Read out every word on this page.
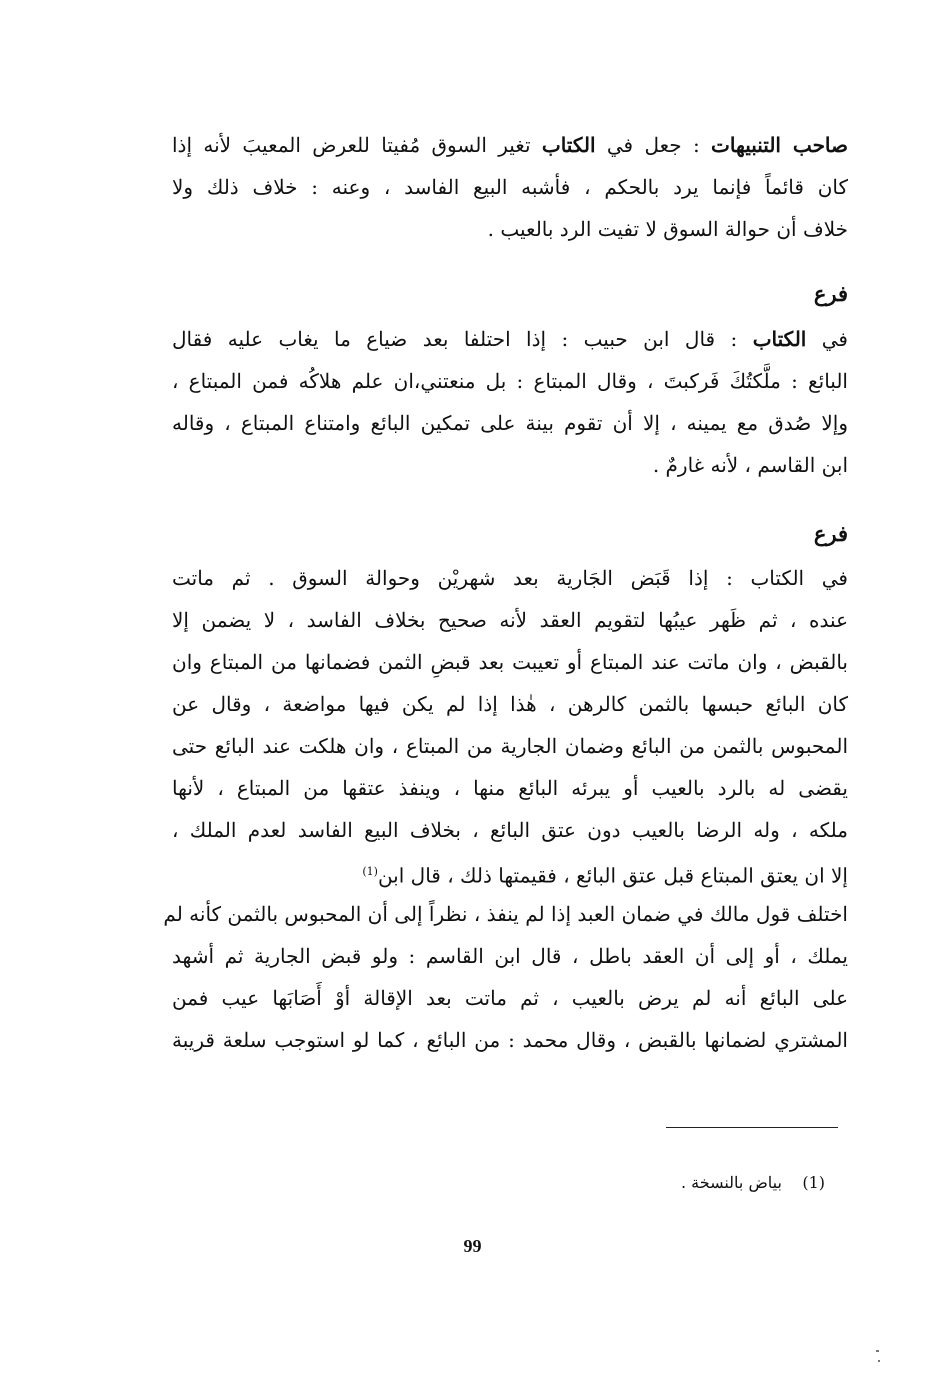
صاحب التنبيهات : جعل في الكتاب تغير السوق مُفيتا للعرض المعيبَ لأنه إذا
كان قائماً فإنما يرد بالحكم ، فأشبه البيع الفاسد ، وعنه : خلاف ذلك ولا
خلاف أن حوالة السوق لا تفيت الرد بالعيب .
فرع
في الكتاب : قال ابن حبيب : إذا احتلفا بعد ضياع ما يغاب عليه فقال
البائع : ملَّكتُكَ فَركبتَ ، وقال المبتاع : بل منعتني،ان علم هلاكُه فمن المبتاع ،
وإلا صُدق مع يمينه ، إلا أن تقوم بينة على تمكين البائع وامتناع المبتاع ، وقاله
ابن القاسم ، لأنه غارمٌ .
فرع
في الكتاب : إذا قَبَض الجَارية بعد شهريْن وحوالة السوق . ثم ماتت
عنده ، ثم ظَهر عيبُها لتقويم العقد لأنه صحيح بخلاف الفاسد ، لا يضمن إلا
بالقبض ، وان ماتت عند المبتاع أو تعيبت بعد قبضِ الثمن فضمانها من المبتاع وان
كان البائع حبسها بالثمن كالرهن ، هٰذا إذا لم يكن فيها مواضعة ، وقال عن
المحبوس بالثمن من البائع وضمان الجارية من المبتاع ، وان هلكت عند البائع حتى
يقضى له بالرد بالعيب أو يبرئه البائع منها ، وينفذ عتقها من المبتاع ، لأنها
ملكه ، وله الرضا بالعيب دون عتق البائع ، بخلاف البيع الفاسد لعدم الملك ،
إلا ان يعتق المبتاع قبل عتق البائع ، فقيمتها ذلك ، قال ابن$^{(1)}$
اختلف قول مالك في ضمان العبد إذا لم ينفذ ، نظراً إلى أن المحبوس بالثمن كأنه لم
يملك ، أو إلى أن العقد باطل ، قال ابن القاسم : ولو قبض الجارية ثم أشهد
على البائع أنه لم يرض بالعيب ، ثم ماتت بعد الإقالة أوْ أَصَابَها عيب فمن
المشتري لضمانها بالقبض ، وقال محمد : من البائع ، كما لو استوجب سلعة قريبة
(1)    بياض بالنسخة .
99
